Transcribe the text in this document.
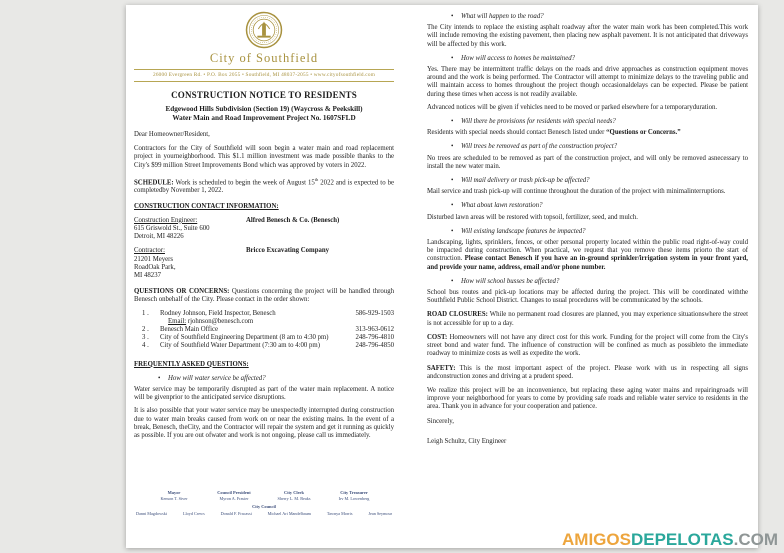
City of Southfield
26000 Evergreen Rd. • P.O. Box 2055 • Southfield, MI 48037-2055 • www.cityofsouthfield.com
CONSTRUCTION NOTICE TO RESIDENTS
Edgewood Hills Subdivision (Section 19) (Waycross & Peekskill)
Water Main and Road Improvement Project No. 1607SFLD

Dear Homeowner/Resident,

Contractors for the City of Southfield will soon begin a water main and road replacement project in yourneighborhood. This $1.1 million investment was made possible thanks to the City's $99 million Street Improvements Bond which was approved by voters in 2022.

SCHEDULE: Work is scheduled to begin the week of August 15th 2022 and is expected to be completedby November 1, 2022.

CONSTRUCTION CONTACT INFORMATION:

Construction Engineer:	Alfred Benesch & Co. (Benesch)

615 Griswold St., Suite 600

Detroit, MI 48226

Contractor:	Bricco Excavating Company

21201 Meyers

RoadOak Park,

MI 48237

QUESTIONS OR CONCERNS: Questions concerning the project will be handled through Benesch onbehalf of the City. Please contact in the order shown:

1 .	Rodney Johnson, Field Inspector, Benesch	586-929-1503
Email: rjohnson@benesch.com
2 .	Benesch Main Office	313-963-0612
3 .	City of Southfield Engineering Department (8 am to 4:30 pm)	248-796-4810
4 .	City of Southfield Water Department (7:30 am to 4:00 pm)	248-796-4850

FREQUENTLY ASKED QUESTIONS:

•	How will water service be affected?

Water service may be temporarily disrupted as part of the water main replacement. A notice will be givenprior to the anticipated service disruptions.

It is also possible that your water service may be unexpectedly interrupted during construction due to water main breaks caused from work on or near the existing mains. In the event of a break, Benesch, theCity, and the Contractor will repair the system and get it running as quickly as possible. If you are out ofwater and work is not ongoing, please call us immediately.

Mayor
Kenson T. Siver
Council President
Myron A. Frasier
City Clerk
Sherry L. M. Beaks
City Treasurer
Irv M. Lowenberg
City Council
Danni Magdowski	Lloyd Crews	Donald F. Fracassi	Michael Ari Mandelbaum	Tawnya Morris	Jean Seymour
•	What will happen to the road?

The City intends to replace the existing asphalt roadway after the water main work has been completed.This work will include removing the existing pavement, then placing new asphalt pavement. It is not anticipated that driveways will be affected by this work.

•	How will access to homes be maintained?

Yes. There may be intermittent traffic delays on the roads and drive approaches as construction equipment moves around and the work is being performed. The Contractor will attempt to minimize delays to the traveling public and will maintain access to homes throughout the project though occasionaldelays can be expected. Please be patient during these times when access is not readily available.

Advanced notices will be given if vehicles need to be moved or parked elsewhere for a temporaryduration.

•	Will there be provisions for residents with special needs?

Residents with special needs should contact Benesch listed under “Questions or Concerns.”

•	Will trees be removed as part of the construction project?

No trees are scheduled to be removed as part of the construction project, and will only be removed asnecessary to install the new water main.

•	Will mail delivery or trash pick-up be affected?

Mail service and trash pick-up will continue throughout the duration of the project with minimalinterruptions.

•	What about lawn restoration?

Disturbed lawn areas will be restored with topsoil, fertilizer, seed, and mulch.

•	Will existing landscape features be impacted?

Landscaping, lights, sprinklers, fences, or other personal property located within the public road right-of-way could be impacted during construction. When practical, we request that you remove these items priorto the start of construction. Please contact Benesch if you have an in-ground sprinkler/irrigation system in your front yard, and provide your name, address, email and/or phone number.

•	How will school busses be affected?

School bus routes and pick-up locations may be affected during the project. This will be coordinated withthe Southfield Public School District. Changes to usual procedures will be communicated by the schools.

ROAD CLOSURES: While no permanent road closures are planned, you may experience situationswhere the street is not accessible for up to a day.

COST: Homeowners will not have any direct cost for this work. Funding for the project will come from the City's street bond and water fund. The influence of construction will be confined as much as possibleto the immediate roadway to minimize costs as well as expedite the work.

SAFETY: This is the most important aspect of the project. Please work with us in respecting all signs andconstruction zones and driving at a prudent speed.

We realize this project will be an inconvenience, but replacing these aging water mains and repairingroads will improve your neighborhood for years to come by providing safe roads and reliable water service to residents in the area. Thank you in advance for your cooperation and patience.

Sincerely,

Leigh Schultz, City Engineer

AMIGOSDEPELOTAS.COM
